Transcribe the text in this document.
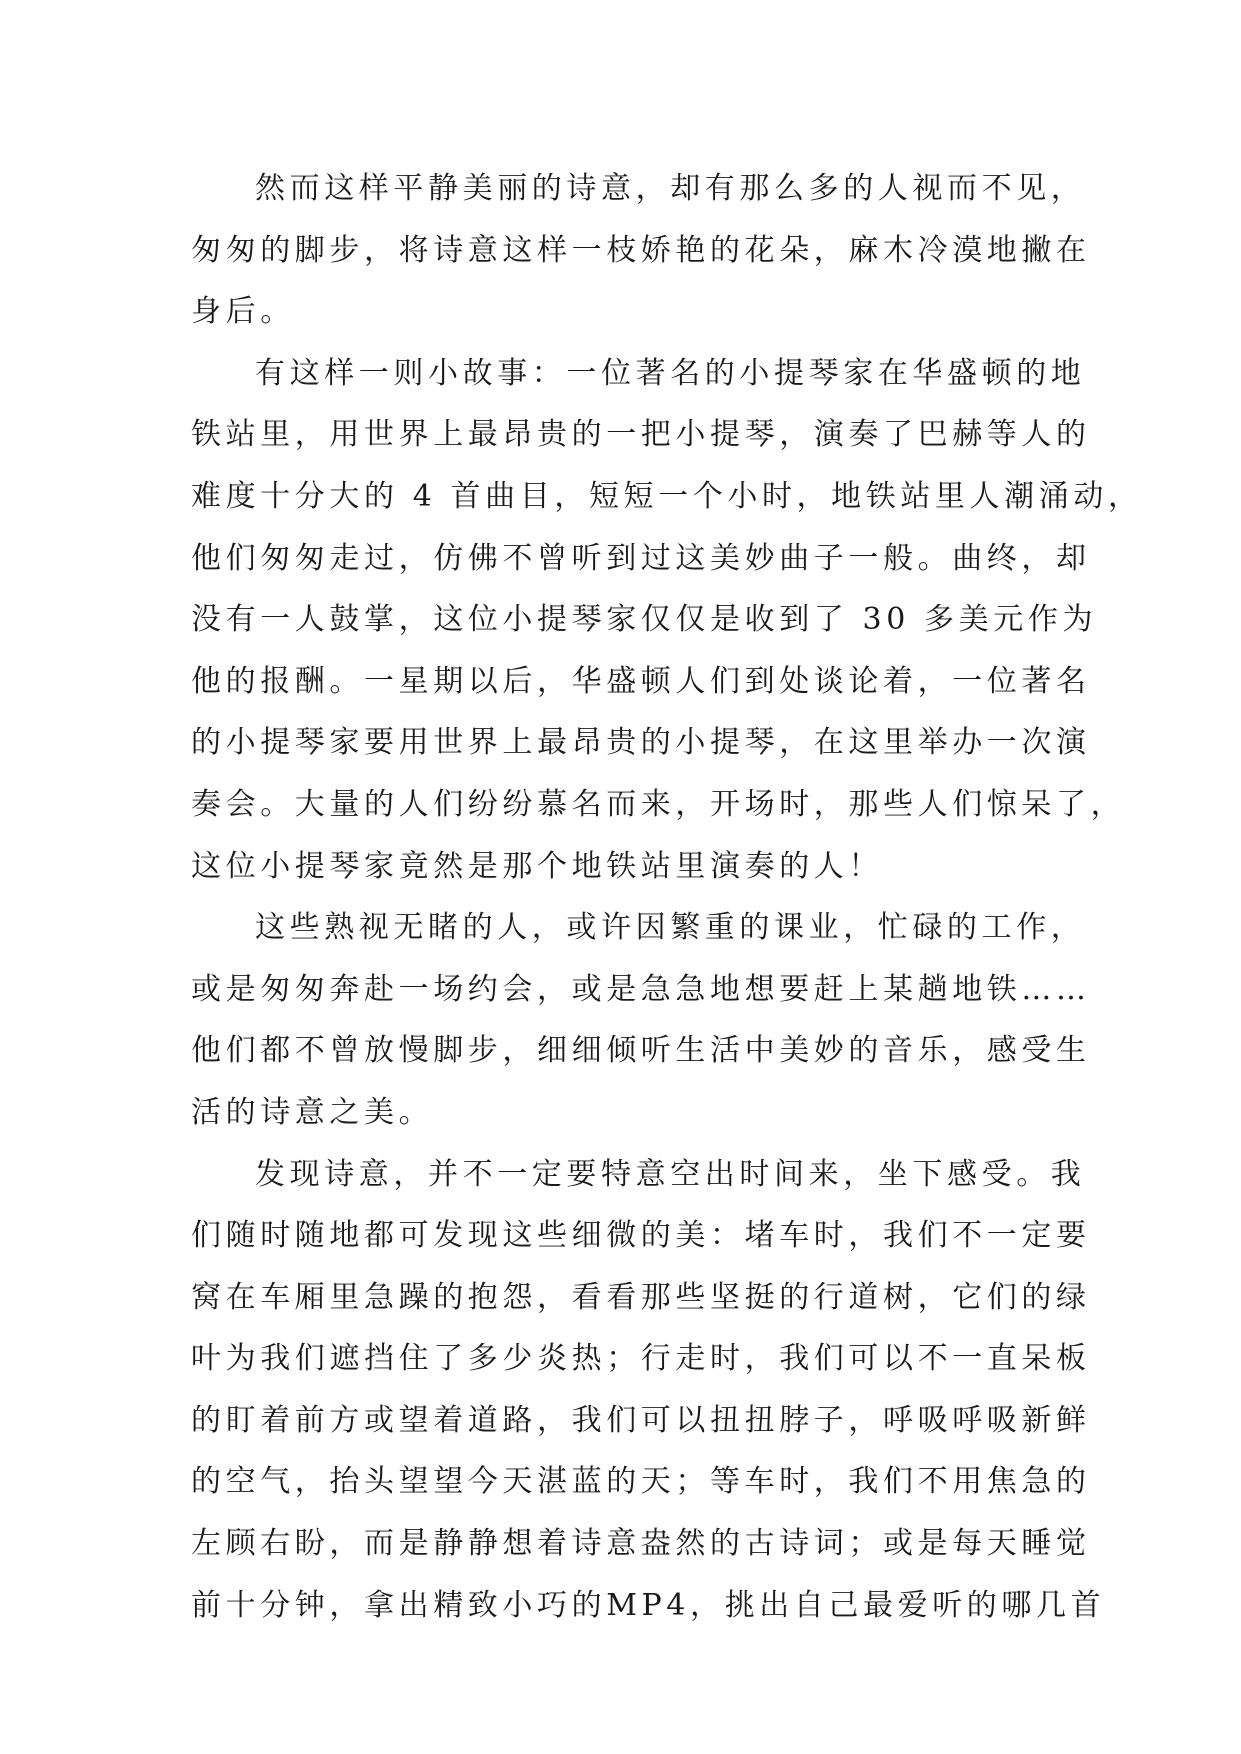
然而这样平静美丽的诗意，却有那么多的人视而不见，
匆匆的脚步，将诗意这样一枝娇艳的花朵，麻木冷漠地撇在
身后。
有这样一则小故事：一位著名的小提琴家在华盛顿的地
铁站里，用世界上最昂贵的一把小提琴，演奏了巴赫等人的
难度十分大的 4 首曲目，短短一个小时，地铁站里人潮涌动，
他们匆匆走过，仿佛不曾听到过这美妙曲子一般。曲终，却
没有一人鼓掌，这位小提琴家仅仅是收到了 30 多美元作为
他的报酬。一星期以后，华盛顿人们到处谈论着，一位著名
的小提琴家要用世界上最昂贵的小提琴，在这里举办一次演
奏会。大量的人们纷纷慕名而来，开场时，那些人们惊呆了，
这位小提琴家竟然是那个地铁站里演奏的人！
这些熟视无睹的人，或许因繁重的课业，忙碌的工作，
或是匆匆奔赴一场约会，或是急急地想要赶上某趟地铁……
他们都不曾放慢脚步，细细倾听生活中美妙的音乐，感受生
活的诗意之美。
发现诗意，并不一定要特意空出时间来，坐下感受。我
们随时随地都可发现这些细微的美：堵车时，我们不一定要
窝在车厢里急躁的抱怨，看看那些坚挺的行道树，它们的绿
叶为我们遮挡住了多少炎热；行走时，我们可以不一直呆板
的盯着前方或望着道路，我们可以扭扭脖子，呼吸呼吸新鲜
的空气，抬头望望今天湛蓝的天；等车时，我们不用焦急的
左顾右盼，而是静静想着诗意盎然的古诗词；或是每天睡觉
前十分钟，拿出精致小巧的MP4，挑出自己最爱听的哪几首
